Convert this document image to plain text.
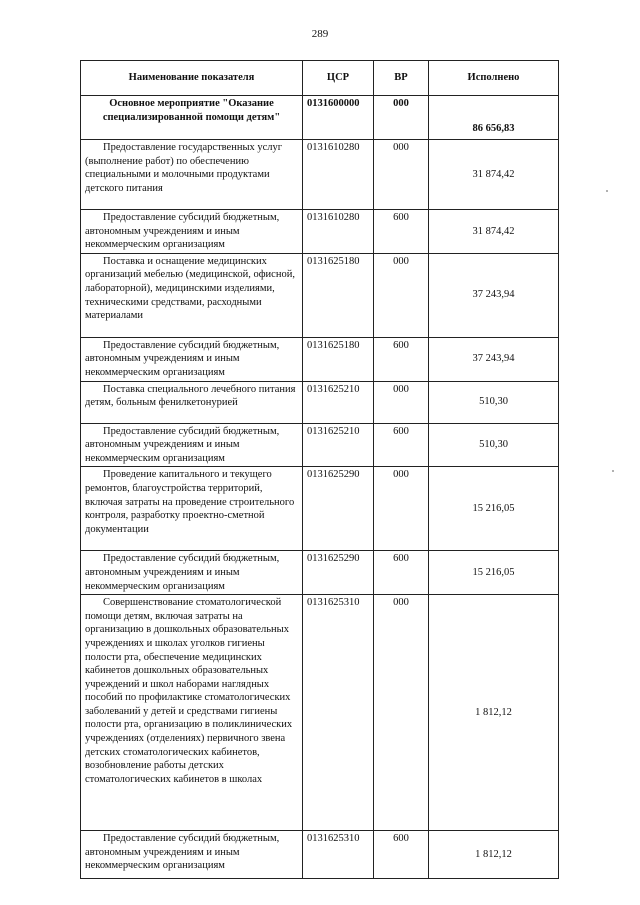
289
Наименование показателя	ЦСР	ВР	Исполнено

Основное мероприятие "Оказание специализированной помощи детям"	0131600000	000	86 656,83

Предоставление государственных услуг (выполнение работ) по обеспечению специальными и молочными продуктами детского питания	0131610280	000	31 874,42

Предоставление субсидий бюджетным, автономным учреждениям и иным некоммерческим организациям	0131610280	600	31 874,42

Поставка и оснащение медицинских организаций мебелью (медицинской, офисной, лабораторной), медицинскими изделиями, техническими средствами, расходными материалами	0131625180	000	37 243,94

Предоставление субсидий бюджетным, автономным учреждениям и иным некоммерческим организациям	0131625180	600	37 243,94

Поставка специального лечебного питания детям, больным фенилкетонурией	0131625210	000	510,30

Предоставление субсидий бюджетным, автономным учреждениям и иным некоммерческим организациям	0131625210	600	510,30

Проведение капитального и текущего ремонтов, благоустройства территорий, включая затраты на проведение строительного контроля, разработку проектно-сметной документации	0131625290	000	15 216,05

Предоставление субсидий бюджетным, автономным учреждениям и иным некоммерческим организациям	0131625290	600	15 216,05

Совершенствование стоматологической помощи детям, включая затраты на организацию в дошкольных образовательных учреждениях и школах уголков гигиены полости рта, обеспечение медицинских кабинетов дошкольных образовательных учреждений и школ наборами наглядных пособий по профилактике стоматологических заболеваний у детей и средствами гигиены полости рта, организацию в поликлинических учреждениях (отделениях) первичного звена детских стоматологических кабинетов, возобновление работы детских стоматологических кабинетов в школах	0131625310	000	1 812,12

Предоставление субсидий бюджетным, автономным учреждениям и иным некоммерческим организациям	0131625310	600	1 812,12
